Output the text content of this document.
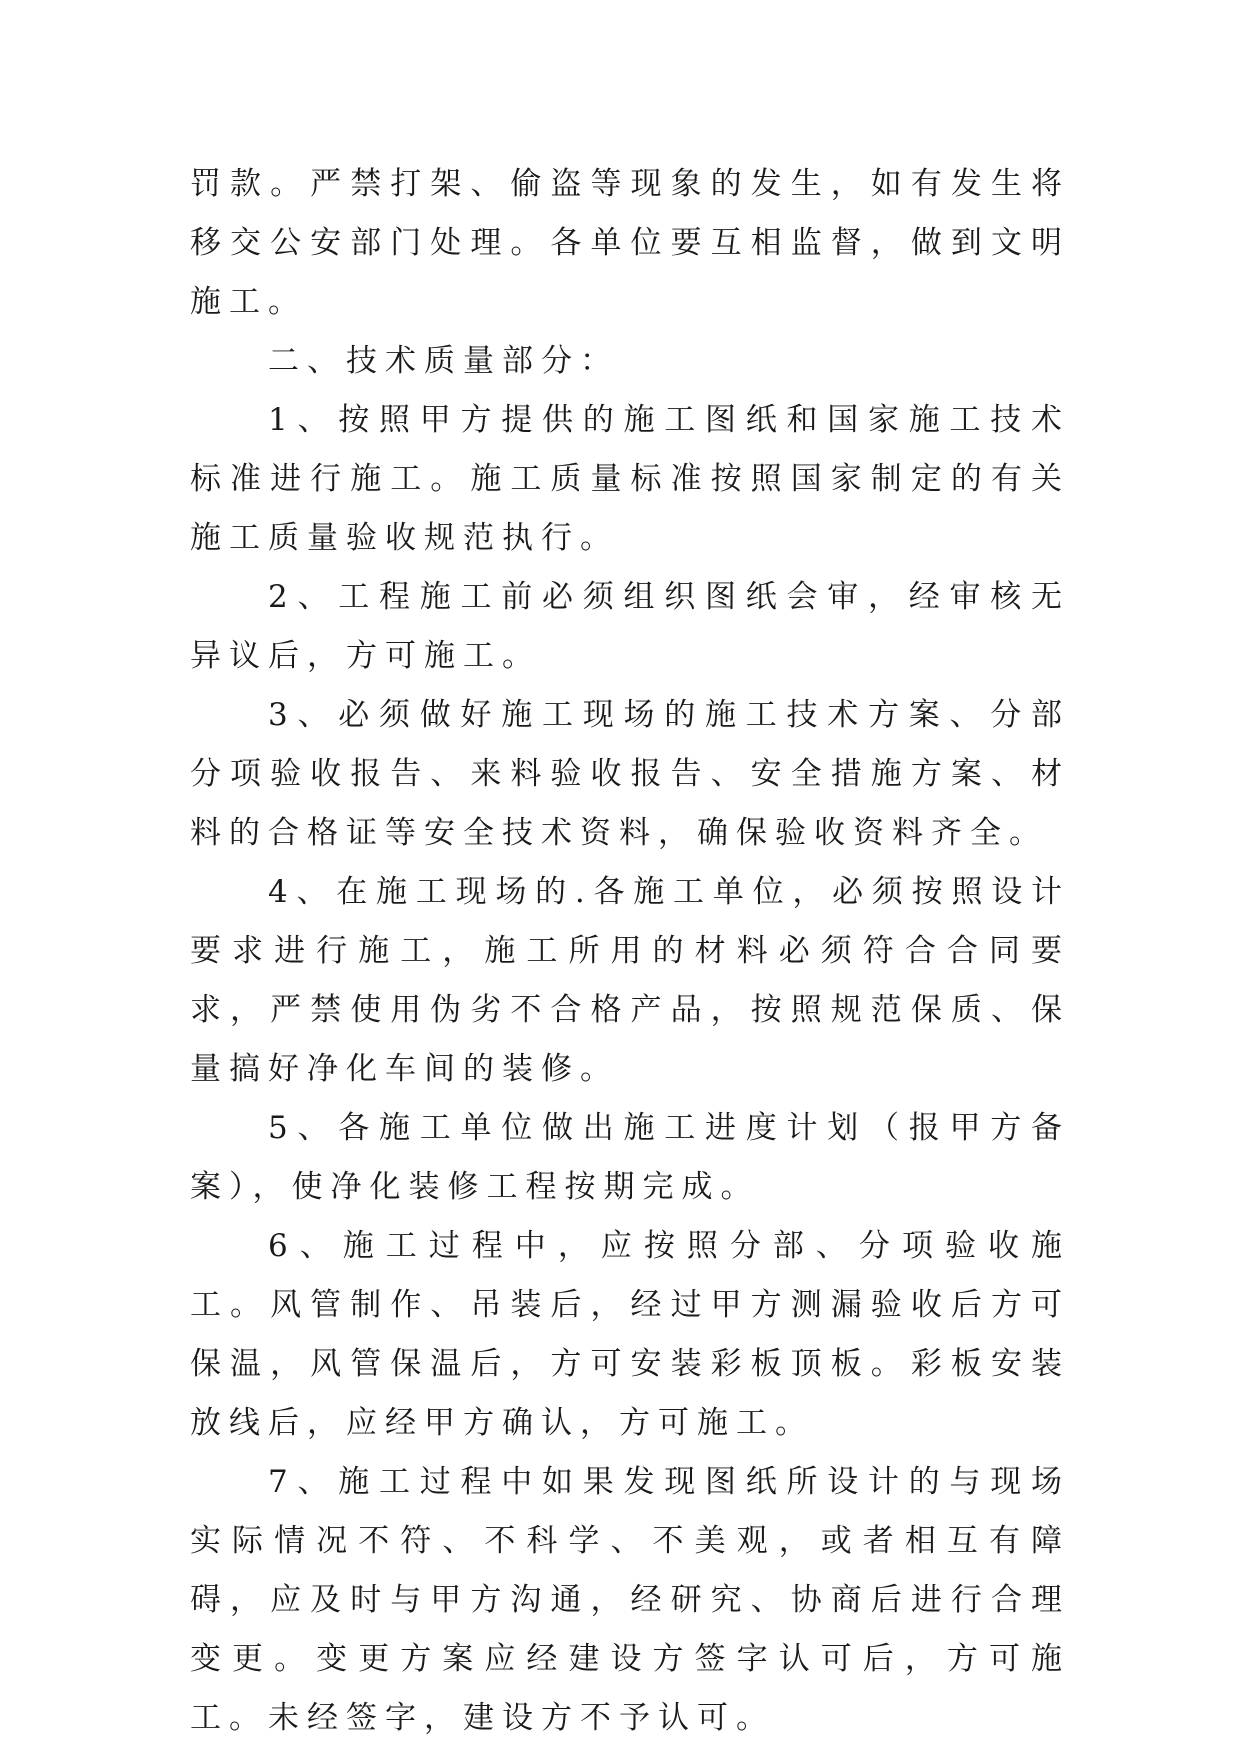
罚款。严禁打架、偷盗等现象的发生，如有发生将移交公安部门处理。各单位要互相监督，做到文明施工。

二、技术质量部分：

1、按照甲方提供的施工图纸和国家施工技术标准进行施工。施工质量标准按照国家制定的有关施工质量验收规范执行。

2、工程施工前必须组织图纸会审，经审核无异议后，方可施工。

3、必须做好施工现场的施工技术方案、分部分项验收报告、来料验收报告、安全措施方案、材料的合格证等安全技术资料，确保验收资料齐全。

4、在施工现场的.各施工单位，必须按照设计要求进行施工，施工所用的材料必须符合合同要求，严禁使用伪劣不合格产品，按照规范保质、保量搞好净化车间的装修。

5、各施工单位做出施工进度计划（报甲方备案），使净化装修工程按期完成。

6、施工过程中，应按照分部、分项验收施工。风管制作、吊装后，经过甲方测漏验收后方可保温，风管保温后，方可安装彩板顶板。彩板安装放线后，应经甲方确认，方可施工。

7、施工过程中如果发现图纸所设计的与现场实际情况不符、不科学、不美观，或者相互有障碍，应及时与甲方沟通，经研究、协商后进行合理变更。变更方案应经建设方签字认可后，方可施工。未经签字，建设方不予认可。
